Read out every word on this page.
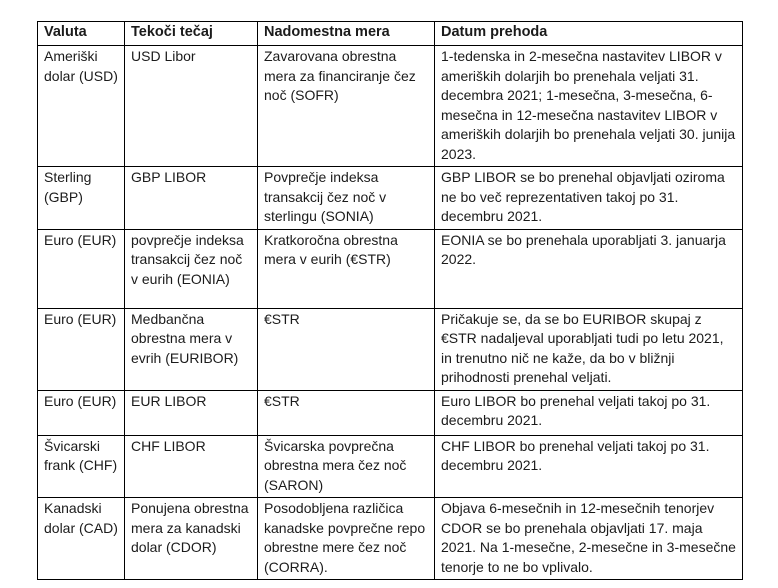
Valuta	Tekoči tečaj	Nadomestna mera	Datum prehoda
Ameriški dolar (USD)	USD Libor	Zavarovana obrestna mera za financiranje čez noč (SOFR)	1-tedenska in 2-mesečna nastavitev LIBOR v ameriških dolarjih bo prenehala veljati 31. decembra 2021; 1-mesečna, 3-mesečna, 6-mesečna in 12-mesečna nastavitev LIBOR v ameriških dolarjih bo prenehala veljati 30. junija 2023.
Sterling (GBP)	GBP LIBOR	Povprečje indeksa transakcij čez noč v sterlingu (SONIA)	GBP LIBOR se bo prenehal objavljati oziroma ne bo več reprezentativen takoj po 31. decembru 2021.
Euro (EUR)	povprečje indeksa transakcij čez noč v eurih (EONIA)	Kratkoročna obrestna mera v eurih (€STR)	EONIA se bo prenehala uporabljati 3. januarja 2022.
Euro (EUR)	Medbančna obrestna mera v evrih (EURIBOR)	€STR	Pričakuje se, da se bo EURIBOR skupaj z €STR nadaljeval uporabljati tudi po letu 2021, in trenutno nič ne kaže, da bo v bližnji prihodnosti prenehal veljati.
Euro (EUR)	EUR LIBOR	€STR	Euro LIBOR bo prenehal veljati takoj po 31. decembru 2021.
Švicarski frank (CHF)	CHF LIBOR	Švicarska povprečna obrestna mera čez noč (SARON)	CHF LIBOR bo prenehal veljati takoj po 31. decembru 2021.
Kanadski dolar (CAD)	Ponujena obrestna mera za kanadski dolar (CDOR)	Posodobljena različica kanadske povprečne repo obrestne mere čez noč (CORRA).	Objava 6-mesečnih in 12-mesečnih tenorjev CDOR se bo prenehala objavljati 17. maja 2021. Na 1-mesečne, 2-mesečne in 3-mesečne tenorje to ne bo vplivalo.
